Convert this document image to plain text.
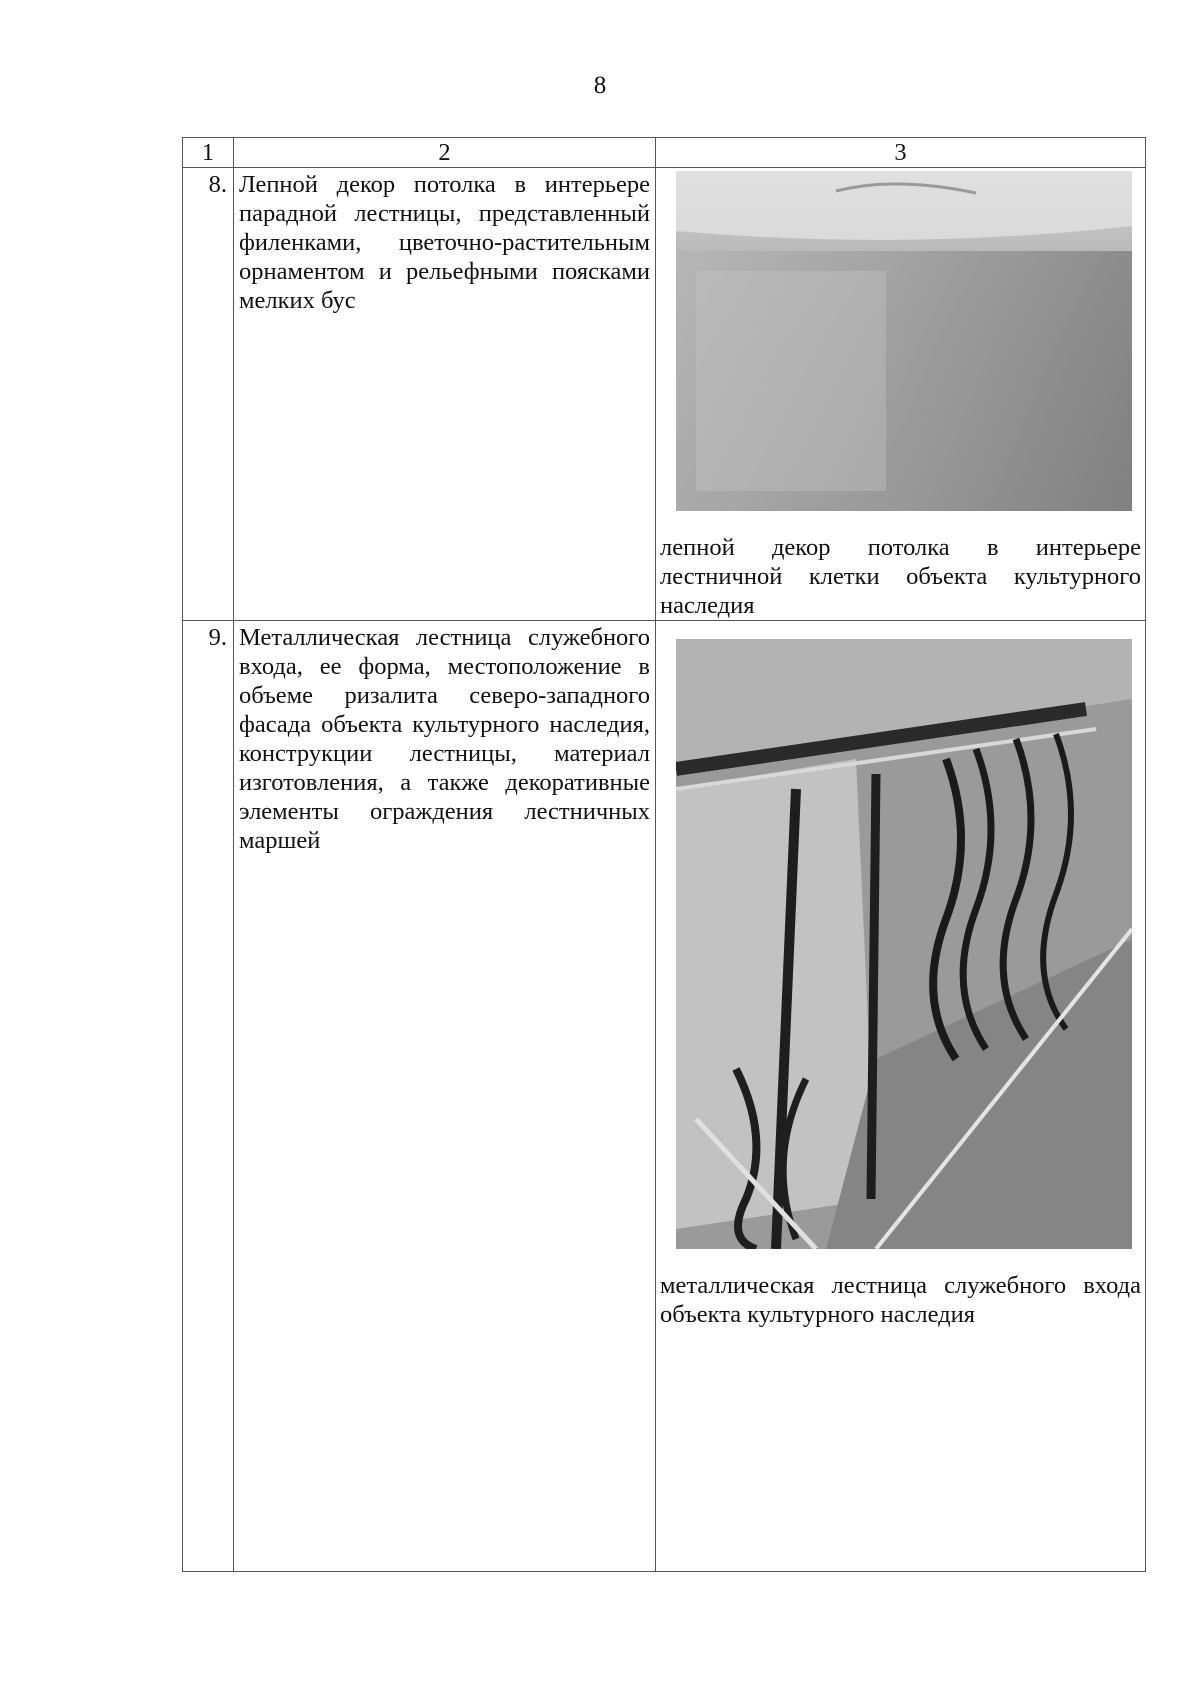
8
1	2	3
8.	Лепной декор потолка в интерьере парадной лестницы, представленный филенками, цветочно-растительным орнаментом и рельефными поясками мелких бус	лепной декор потолка в интерьере лестничной клетки объекта культурного наследия

9.	Металлическая лестница служебного входа, ее форма, местоположение в объеме ризалита северо-западного фасада объекта культурного наследия, конструкции лестницы, материал изготовления, а также декоративные элементы ограждения лестничных маршей	металлическая лестница служебного входа объекта культурного наследия
